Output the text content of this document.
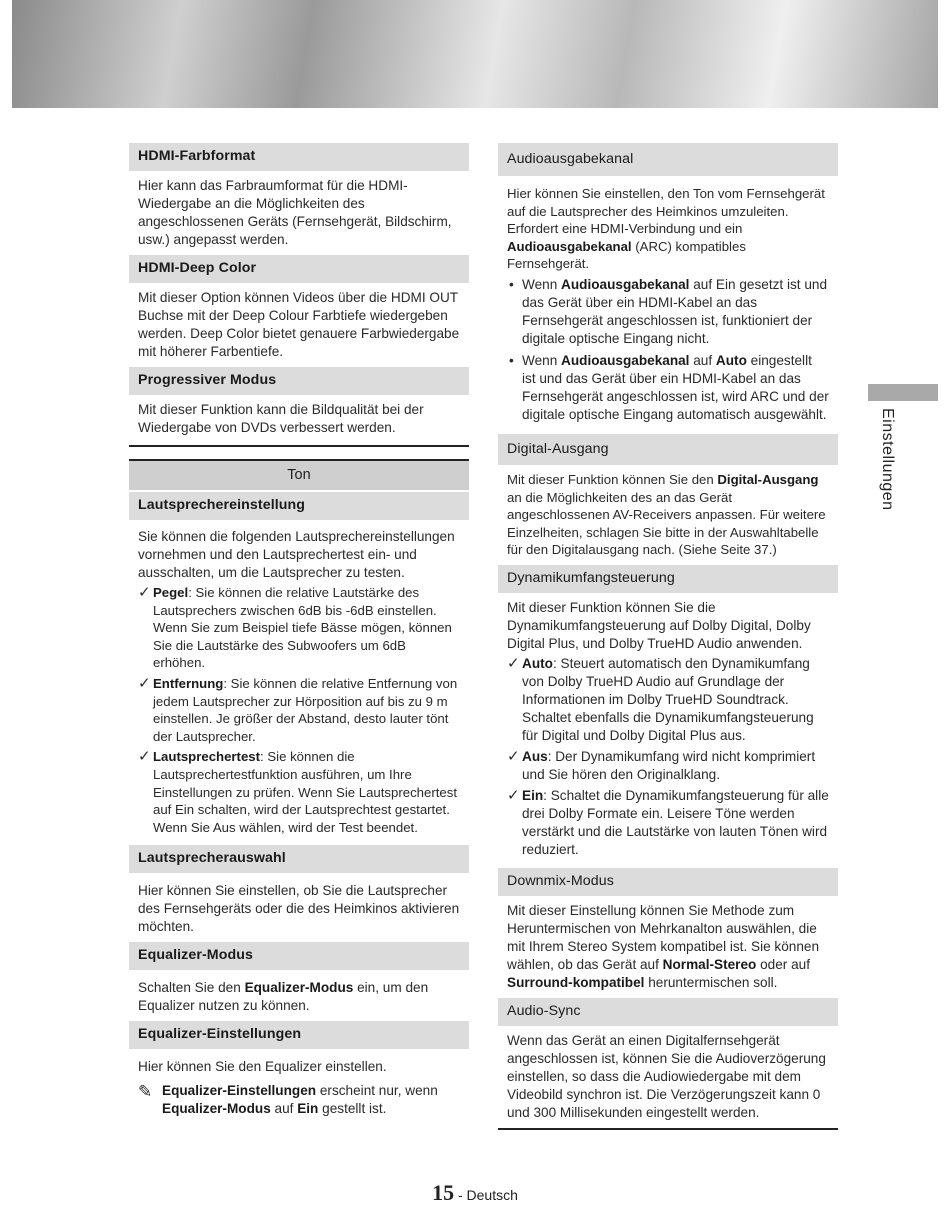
HDMI-Farbformat

Hier kann das Farbraumformat für die HDMI-Wiedergabe an die Möglichkeiten des angeschlossenen Geräts (Fernsehgerät, Bildschirm, usw.) angepasst werden.

HDMI-Deep Color

Mit dieser Option können Videos über die HDMI OUT Buchse mit der Deep Colour Farbtiefe wiedergeben werden. Deep Color bietet genauere Farbwiedergabe mit höherer Farbentiefe.

Progressiver Modus

Mit dieser Funktion kann die Bildqualität bei der Wiedergabe von DVDs verbessert werden.

Ton
Lautsprechereinstellung

Sie können die folgenden Lautsprechereinstellungen vornehmen und den Lautsprechertest ein- und ausschalten, um die Lautsprecher zu testen.

✓ Pegel: Sie können die relative Lautstärke des Lautsprechers zwischen 6dB bis -6dB einstellen. Wenn Sie zum Beispiel tiefe Bässe mögen, können Sie die Lautstärke des Subwoofers um 6dB erhöhen.
✓ Entfernung: Sie können die relative Entfernung von jedem Lautsprecher zur Hörposition auf bis zu 9 m einstellen. Je größer der Abstand, desto lauter tönt der Lautsprecher.
✓ Lautsprechertest: Sie können die Lautsprechertestfunktion ausführen, um Ihre Einstellungen zu prüfen. Wenn Sie Lautsprechertest auf Ein schalten, wird der Lautsprechtest gestartet. Wenn Sie Aus wählen, wird der Test beendet.
Lautsprecherauswahl

Hier können Sie einstellen, ob Sie die Lautsprecher des Fernsehgeräts oder die des Heimkinos aktivieren möchten.

Equalizer-Modus

Schalten Sie den Equalizer-Modus ein, um den Equalizer nutzen zu können.

Equalizer-Einstellungen

Hier können Sie den Equalizer einstellen.

✎ Equalizer-Einstellungen erscheint nur, wenn Equalizer-Modus auf Ein gestellt ist.
Audioausgabekanal

Hier können Sie einstellen, den Ton vom Fernsehgerät auf die Lautsprecher des Heimkinos umzuleiten. Erfordert eine HDMI-Verbindung und ein Audioausgabekanal (ARC) kompatibles Fernsehgerät.

• Wenn Audioausgabekanal auf Ein gesetzt ist und das Gerät über ein HDMI-Kabel an das Fernsehgerät angeschlossen ist, funktioniert der digitale optische Eingang nicht.
• Wenn Audioausgabekanal auf Auto eingestellt ist und das Gerät über ein HDMI-Kabel an das Fernsehgerät angeschlossen ist, wird ARC und der digitale optische Eingang automatisch ausgewählt.
Digital-Ausgang

Mit dieser Funktion können Sie den Digital-Ausgang an die Möglichkeiten des an das Gerät angeschlossenen AV-Receivers anpassen. Für weitere Einzelheiten, schlagen Sie bitte in der Auswahltabelle für den Digitalausgang nach. (Siehe Seite 37.)

Dynamikumfangsteuerung

Mit dieser Funktion können Sie die Dynamikumfangsteuerung auf Dolby Digital, Dolby Digital Plus, und Dolby TrueHD Audio anwenden.

✓ Auto: Steuert automatisch den Dynamikumfang von Dolby TrueHD Audio auf Grundlage der Informationen im Dolby TrueHD Soundtrack. Schaltet ebenfalls die Dynamikumfangsteuerung für Digital und Dolby Digital Plus aus.
✓ Aus: Der Dynamikumfang wird nicht komprimiert und Sie hören den Originalklang.
✓ Ein: Schaltet die Dynamikumfangsteuerung für alle drei Dolby Formate ein. Leisere Töne werden verstärkt und die Lautstärke von lauten Tönen wird reduziert.
Downmix-Modus

Mit dieser Einstellung können Sie Methode zum Heruntermischen von Mehrkanalton auswählen, die mit Ihrem Stereo System kompatibel ist. Sie können wählen, ob das Gerät auf Normal-Stereo oder auf Surround-kompatibel heruntermischen soll.

Audio-Sync

Wenn das Gerät an einen Digitalfernsehgerät angeschlossen ist, können Sie die Audioverzögerung einstellen, so dass die Audiowiedergabe mit dem Videobild synchron ist. Die Verzögerungszeit kann 0 und 300 Millisekunden eingestellt werden.

Einstellungen
15 - Deutsch
